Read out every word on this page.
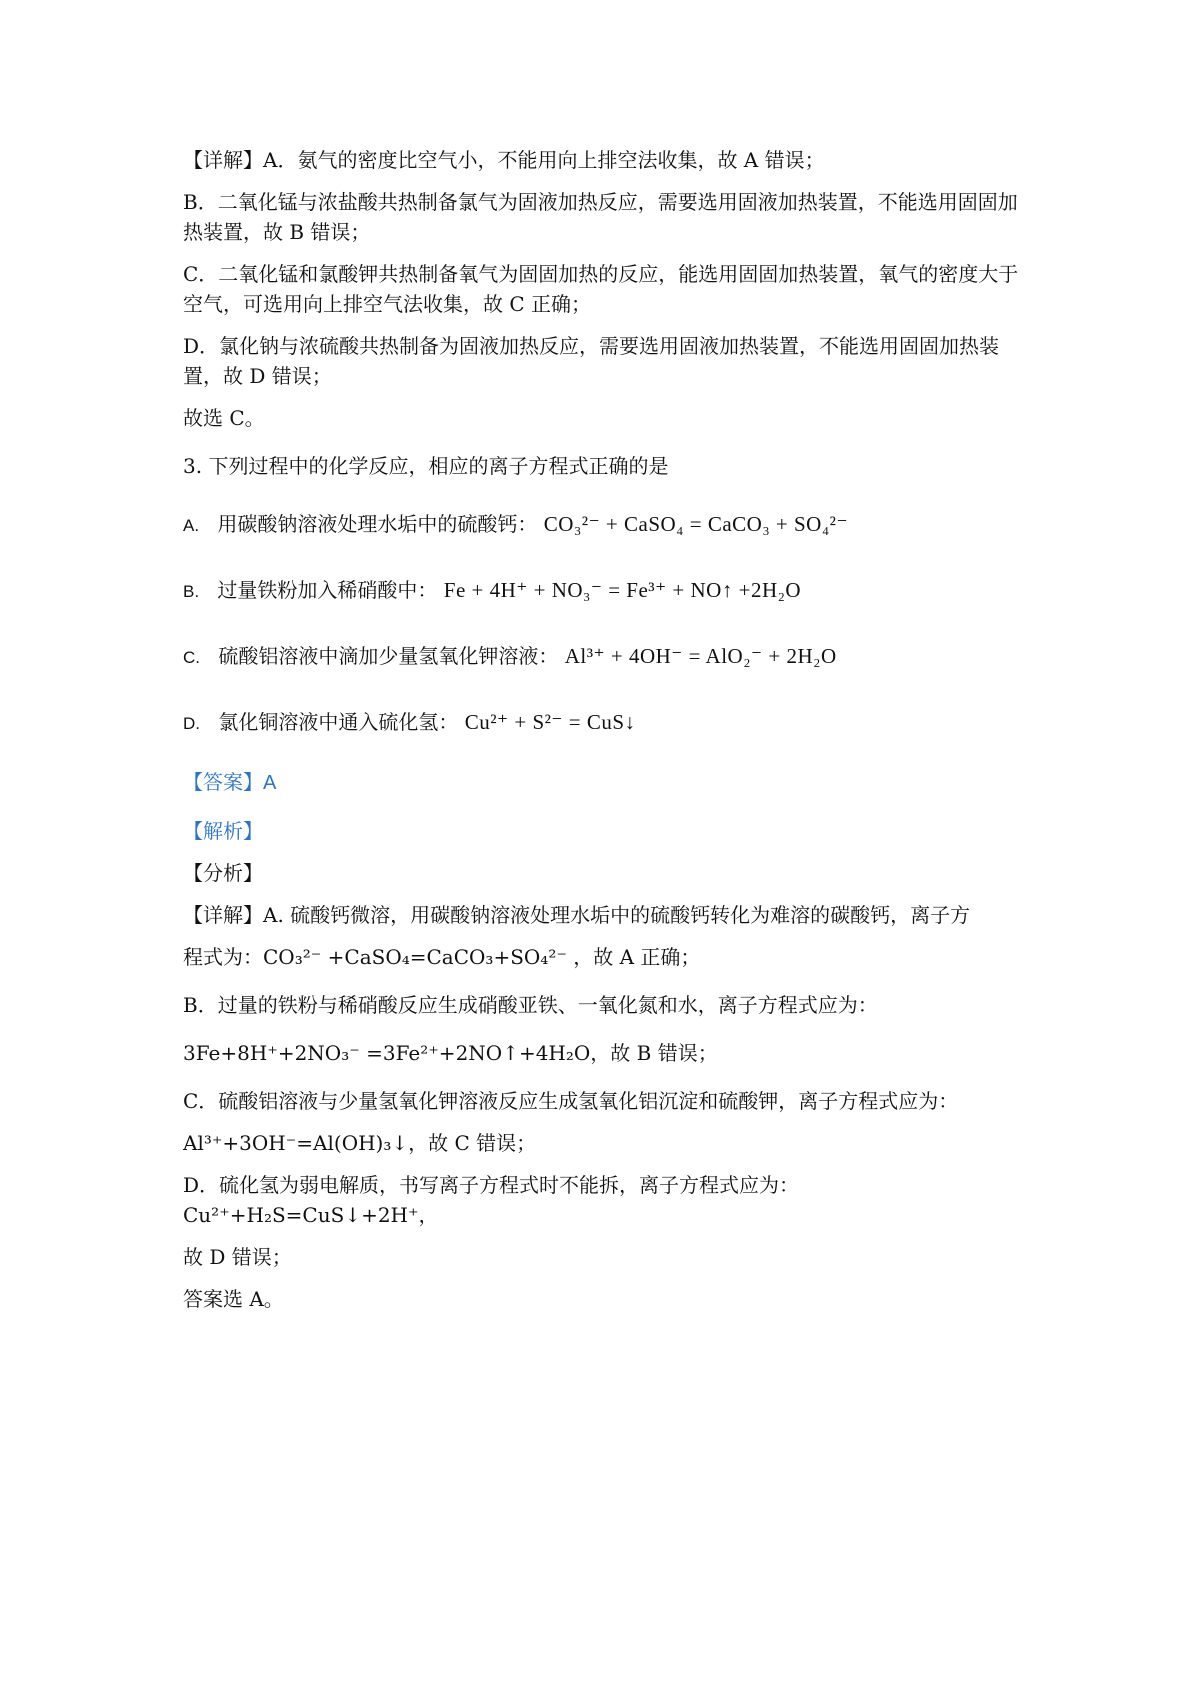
【详解】A．氨气的密度比空气小，不能用向上排空法收集，故 A 错误；

B．二氧化锰与浓盐酸共热制备氯气为固液加热反应，需要选用固液加热装置，不能选用固固加热装置，故 B 错误；

C．二氧化锰和氯酸钾共热制备氧气为固固加热的反应，能选用固固加热装置，氧气的密度大于空气，可选用向上排空气法收集，故 C 正确；

D．氯化钠与浓硫酸共热制备为固液加热反应，需要选用固液加热装置，不能选用固固加热装置，故 D 错误；

故选 C。

3. 下列过程中的化学反应，相应的离子方程式正确的是

A. 用碳酸钠溶液处理水垢中的硫酸钙： CO₃²⁻ + CaSO₄ = CaCO₃ + SO₄²⁻
B. 过量铁粉加入稀硝酸中： Fe + 4H⁺ + NO₃⁻ = Fe³⁺ + NO↑ +2H₂O
C. 硫酸铝溶液中滴加少量氢氧化钾溶液： Al³⁺ + 4OH⁻ = AlO₂⁻ + 2H₂O
D. 氯化铜溶液中通入硫化氢： Cu²⁺ + S²⁻ = CuS↓

【答案】A

【解析】

【分析】

【详解】A. 硫酸钙微溶，用碳酸钠溶液处理水垢中的硫酸钙转化为难溶的碳酸钙，离子方

程式为：CO₃²⁻ +CaSO₄=CaCO₃+SO₄²⁻ ，故 A 正确；

B．过量的铁粉与稀硝酸反应生成硝酸亚铁、一氧化氮和水，离子方程式应为：

3Fe+8H⁺+2NO₃⁻ =3Fe²⁺+2NO↑+4H₂O，故 B 错误；

C．硫酸铝溶液与少量氢氧化钾溶液反应生成氢氧化铝沉淀和硫酸钾，离子方程式应为：

Al³⁺+3OH⁻=Al(OH)₃↓，故 C 错误；

D．硫化氢为弱电解质，书写离子方程式时不能拆，离子方程式应为：Cu²⁺+H₂S=CuS↓+2H⁺，

故 D 错误；

答案选 A。
